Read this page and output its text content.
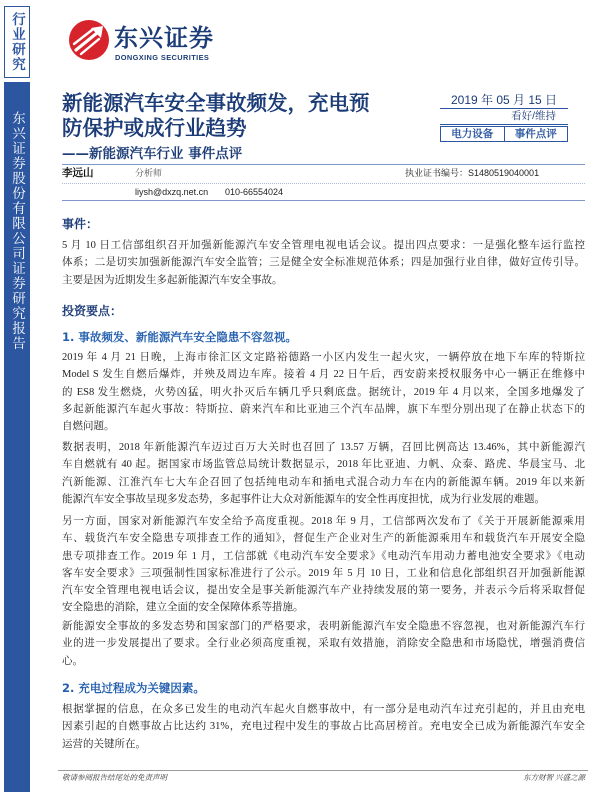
行业研究
东兴证券股份有限公司证券研究报告
东兴证券
DONGXING SECURITIES
新能源汽车安全事故频发，充电预
防保护或成行业趋势
——新能源汽车行业 事件点评
2019 年 05 月 15 日
看好/维持
电力设备	事件点评
李远山	分析师	执业证书编号：S1480519040001
liysh@dxzq.net.cn 010-66554024
事件：
5 月 10 日工信部组织召开加强新能源汽车安全管理电视电话会议。提出四点要求：一是强化整车运行监控
体系；二是切实加强新能源汽车安全监管；三是健全安全标准规范体系；四是加强行业自律，做好宣传引导。
主要是因为近期发生多起新能源汽车安全事故。
投资要点：
1. 事故频发、新能源汽车安全隐患不容忽视。
2019 年 4 月 21 日晚，上海市徐汇区文定路裕德路一小区内发生一起火灾，一辆停放在地下车库的特斯拉
Model S 发生自燃后爆炸，并殃及周边车库。接着 4 月 22 日午后，西安蔚来授权服务中心一辆正在维修中
的 ES8 发生燃烧，火势凶猛，明火扑灭后车辆几乎只剩底盘。据统计，2019 年 4 月以来，全国多地爆发了
多起新能源汽车起火事故：特斯拉、蔚来汽车和比亚迪三个汽车品牌，旗下车型分别出现了在静止状态下的
自燃问题。
数据表明，2018 年新能源汽车迈过百万大关时也召回了 13.57 万辆，召回比例高达 13.46%，其中新能源汽
车自燃就有 40 起。据国家市场监管总局统计数据显示，2018 年比亚迪、力帆、众泰、路虎、华晨宝马、北
汽新能源、江淮汽车七大车企召回了包括纯电动车和插电式混合动力车在内的新能源车辆。2019 年以来新
能源汽车安全事故呈现多发态势，多起事件让大众对新能源车的安全性再度担忧，成为行业发展的难题。
另一方面，国家对新能源汽车安全给予高度重视。2018 年 9 月，工信部两次发布了《关于开展新能源乘用
车、载货汽车安全隐患专项排查工作的通知》，督促生产企业对生产的新能源乘用车和载货汽车开展安全隐
患专项排查工作。2019 年 1 月，工信部就《电动汽车安全要求》《电动汽车用动力蓄电池安全要求》《电动
客车安全要求》三项强制性国家标准进行了公示。2019 年 5 月 10 日，工业和信息化部组织召开加强新能源
汽车安全管理电视电话会议，提出安全是事关新能源汽车产业持续发展的第一要务，并表示今后将采取督促
安全隐患的消除，建立全面的安全保障体系等措施。
新能源安全事故的多发态势和国家部门的严格要求，表明新能源汽车安全隐患不容忽视，也对新能源汽车行
业的进一步发展提出了要求。全行业必须高度重视，采取有效措施，消除安全隐患和市场隐忧，增强消费信
心。
2. 充电过程成为关键因素。
根据掌握的信息，在众多已发生的电动汽车起火自燃事故中，有一部分是电动汽车过充引起的，并且由充电
因素引起的自燃事故占比达约 31%，充电过程中发生的事故占比高居榜首。充电安全已成为新能源汽车安全
运营的关键所在。
敬请参阅报告结尾处的免责声明	东方财智 兴盛之源
